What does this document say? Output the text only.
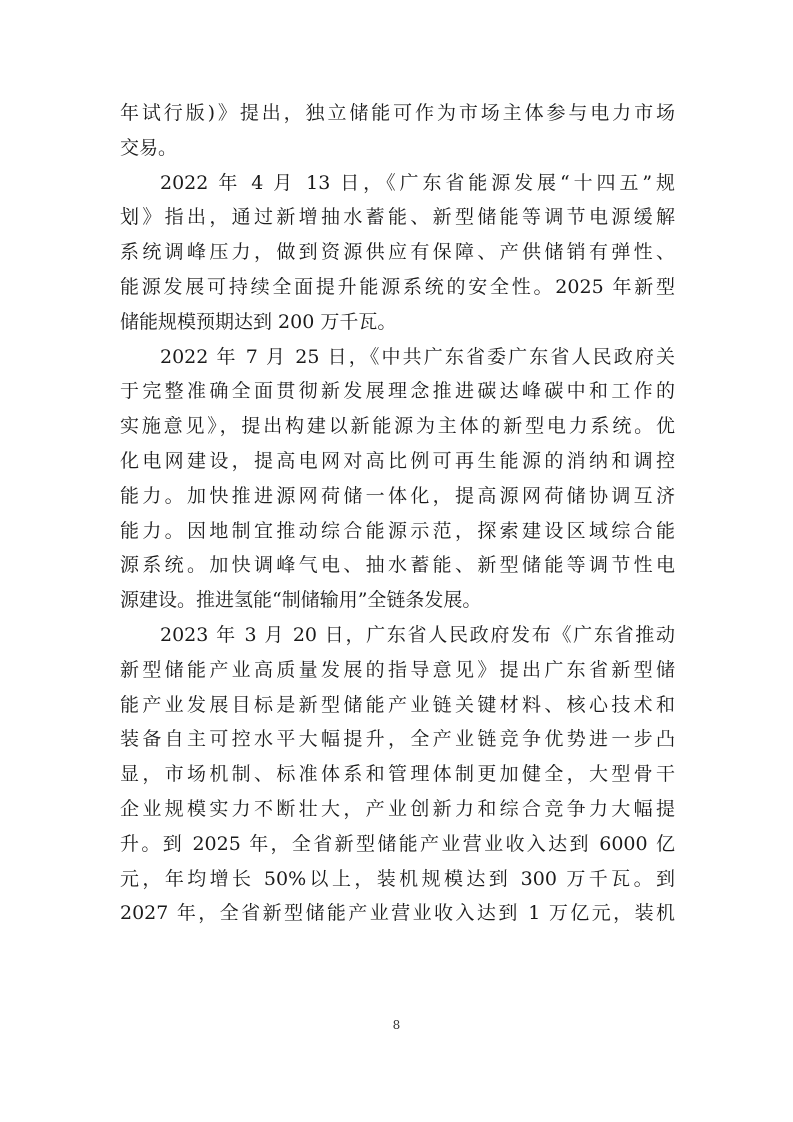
年试行版)》提出，独立储能可作为市场主体参与电力市场
交易。
2022 年 4 月 13 日，《广东省能源发展“十四五”规
划》指出，通过新增抽水蓄能、新型储能等调节电源缓解
系统调峰压力，做到资源供应有保障、产供储销有弹性、
能源发展可持续全面提升能源系统的安全性。2025 年新型
储能规模预期达到 200 万千瓦。
2022 年 7 月 25 日，《中共广东省委广东省人民政府关
于完整准确全面贯彻新发展理念推进碳达峰碳中和工作的
实施意见》，提出构建以新能源为主体的新型电力系统。优
化电网建设，提高电网对高比例可再生能源的消纳和调控
能力。加快推进源网荷储一体化，提高源网荷储协调互济
能力。因地制宜推动综合能源示范，探索建设区域综合能
源系统。加快调峰气电、抽水蓄能、新型储能等调节性电
源建设。推进氢能“制储输用”全链条发展。
2023 年 3 月 20 日，广东省人民政府发布《广东省推动
新型储能产业高质量发展的指导意见》提出广东省新型储
能产业发展目标是新型储能产业链关键材料、核心技术和
装备自主可控水平大幅提升，全产业链竞争优势进一步凸
显，市场机制、标准体系和管理体制更加健全，大型骨干
企业规模实力不断壮大，产业创新力和综合竞争力大幅提
升。到 2025 年，全省新型储能产业营业收入达到 6000 亿
元，年均增长 50%以上，装机规模达到 300 万千瓦。到
2027 年，全省新型储能产业营业收入达到 1 万亿元，装机
8
